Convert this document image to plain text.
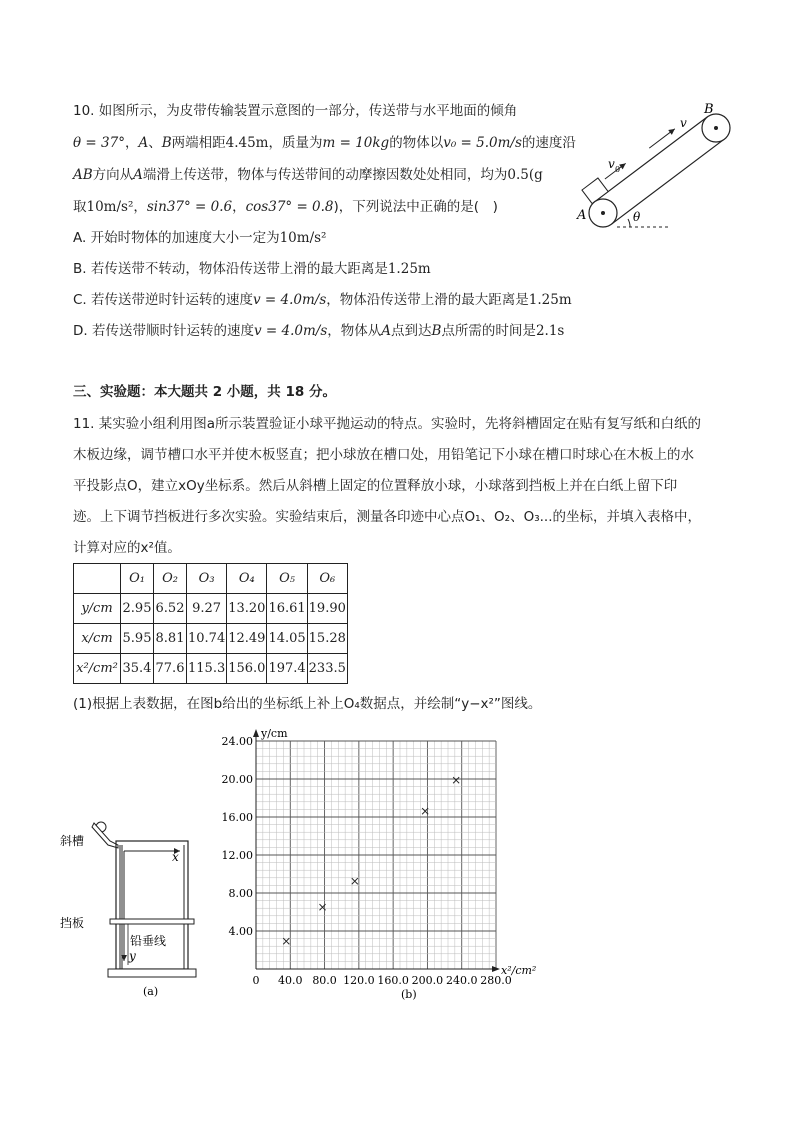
10. 如图所示，为皮带传输装置示意图的一部分，传送带与水平地面的倾角
θ = 37°，A、B两端相距4.45m，质量为m = 10kg的物体以v₀ = 5.0m/s的速度沿
AB方向从A端滑上传送带，物体与传送带间的动摩擦因数处处相同，均为0.5(g
取10m/s²，sin37° = 0.6，cos37° = 0.8)，下列说法中正确的是(　)
A. 开始时物体的加速度大小一定为10m/s²
B. 若传送带不转动，物体沿传送带上滑的最大距离是1.25m
C. 若传送带逆时针运转的速度v = 4.0m/s，物体沿传送带上滑的最大距离是1.25m
D. 若传送带顺时针运转的速度v = 4.0m/s，物体从A点到达B点所需的时间是2.1s
θ
A
B
v
v 0
三、实验题：本大题共 2 小题，共 18 分。
11. 某实验小组利用图a所示装置验证小球平抛运动的特点。实验时，先将斜槽固定在贴有复写纸和白纸的
木板边缘，调节槽口水平并使木板竖直；把小球放在槽口处，用铅笔记下小球在槽口时球心在木板上的水
平投影点O，建立xOy坐标系。然后从斜槽上固定的位置释放小球，小球落到挡板上并在白纸上留下印
迹。上下调节挡板进行多次实验。实验结束后，测量各印迹中心点O₁、O₂、O₃...的坐标，并填入表格中，
计算对应的x²值。
	O₁	O₂	O₃	O₄	O₅	O₆
y/cm	2.95	6.52	9.27	13.20	16.61	19.90
x/cm	5.95	8.81	10.74	12.49	14.05	15.28
x²/cm²	35.4	77.6	115.3	156.0	197.4	233.5
(1)根据上表数据，在图b给出的坐标纸上补上O₄数据点，并绘制“y−x²”图线。
斜槽
挡板
铅垂线
x
y
(a)
0 40.0 80.0 120.0 160.0 200.0 240.0 280.0
4.00
8.00
12.00
16.00
20.00
24.00
×
×
×
×
×
y/cm
x²/cm²
(b)
